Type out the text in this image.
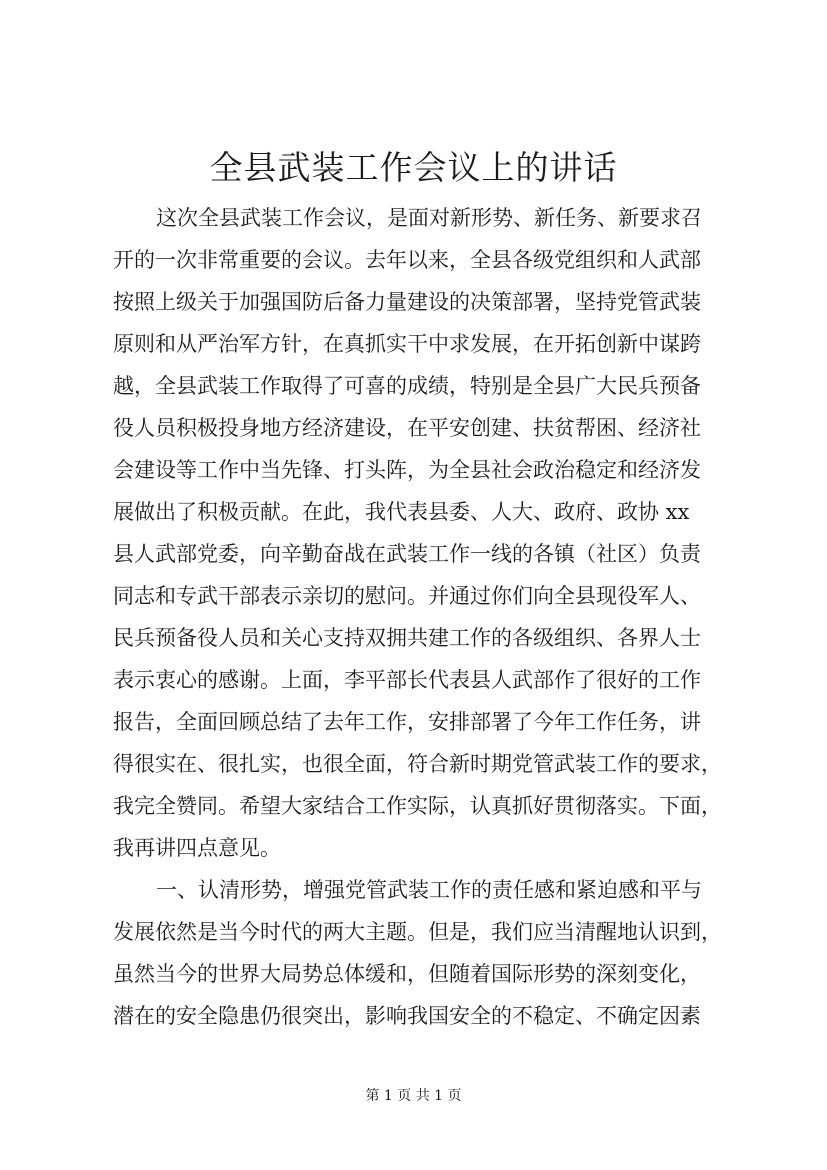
全县武装工作会议上的讲话
这次全县武装工作会议，是面对新形势、新任务、新要求召
开的一次非常重要的会议。去年以来，全县各级党组织和人武部
按照上级关于加强国防后备力量建设的决策部署，坚持党管武装
原则和从严治军方针，在真抓实干中求发展，在开拓创新中谋跨
越，全县武装工作取得了可喜的成绩，特别是全县广大民兵预备
役人员积极投身地方经济建设，在平安创建、扶贫帮困、经济社
会建设等工作中当先锋、打头阵，为全县社会政治稳定和经济发
展做出了积极贡献。在此，我代表县委、人大、政府、政协 xx
县人武部党委，向辛勤奋战在武装工作一线的各镇（社区）负责
同志和专武干部表示亲切的慰问。并通过你们向全县现役军人、
民兵预备役人员和关心支持双拥共建工作的各级组织、各界人士
表示衷心的感谢。上面，李平部长代表县人武部作了很好的工作
报告，全面回顾总结了去年工作，安排部署了今年工作任务，讲
得很实在、很扎实，也很全面，符合新时期党管武装工作的要求，
我完全赞同。希望大家结合工作实际，认真抓好贯彻落实。下面，
我再讲四点意见。
一、认清形势，增强党管武装工作的责任感和紧迫感和平与
发展依然是当今时代的两大主题。但是，我们应当清醒地认识到，
虽然当今的世界大局势总体缓和，但随着国际形势的深刻变化，
潜在的安全隐患仍很突出，影响我国安全的不稳定、不确定因素
第 1 页 共 1 页
